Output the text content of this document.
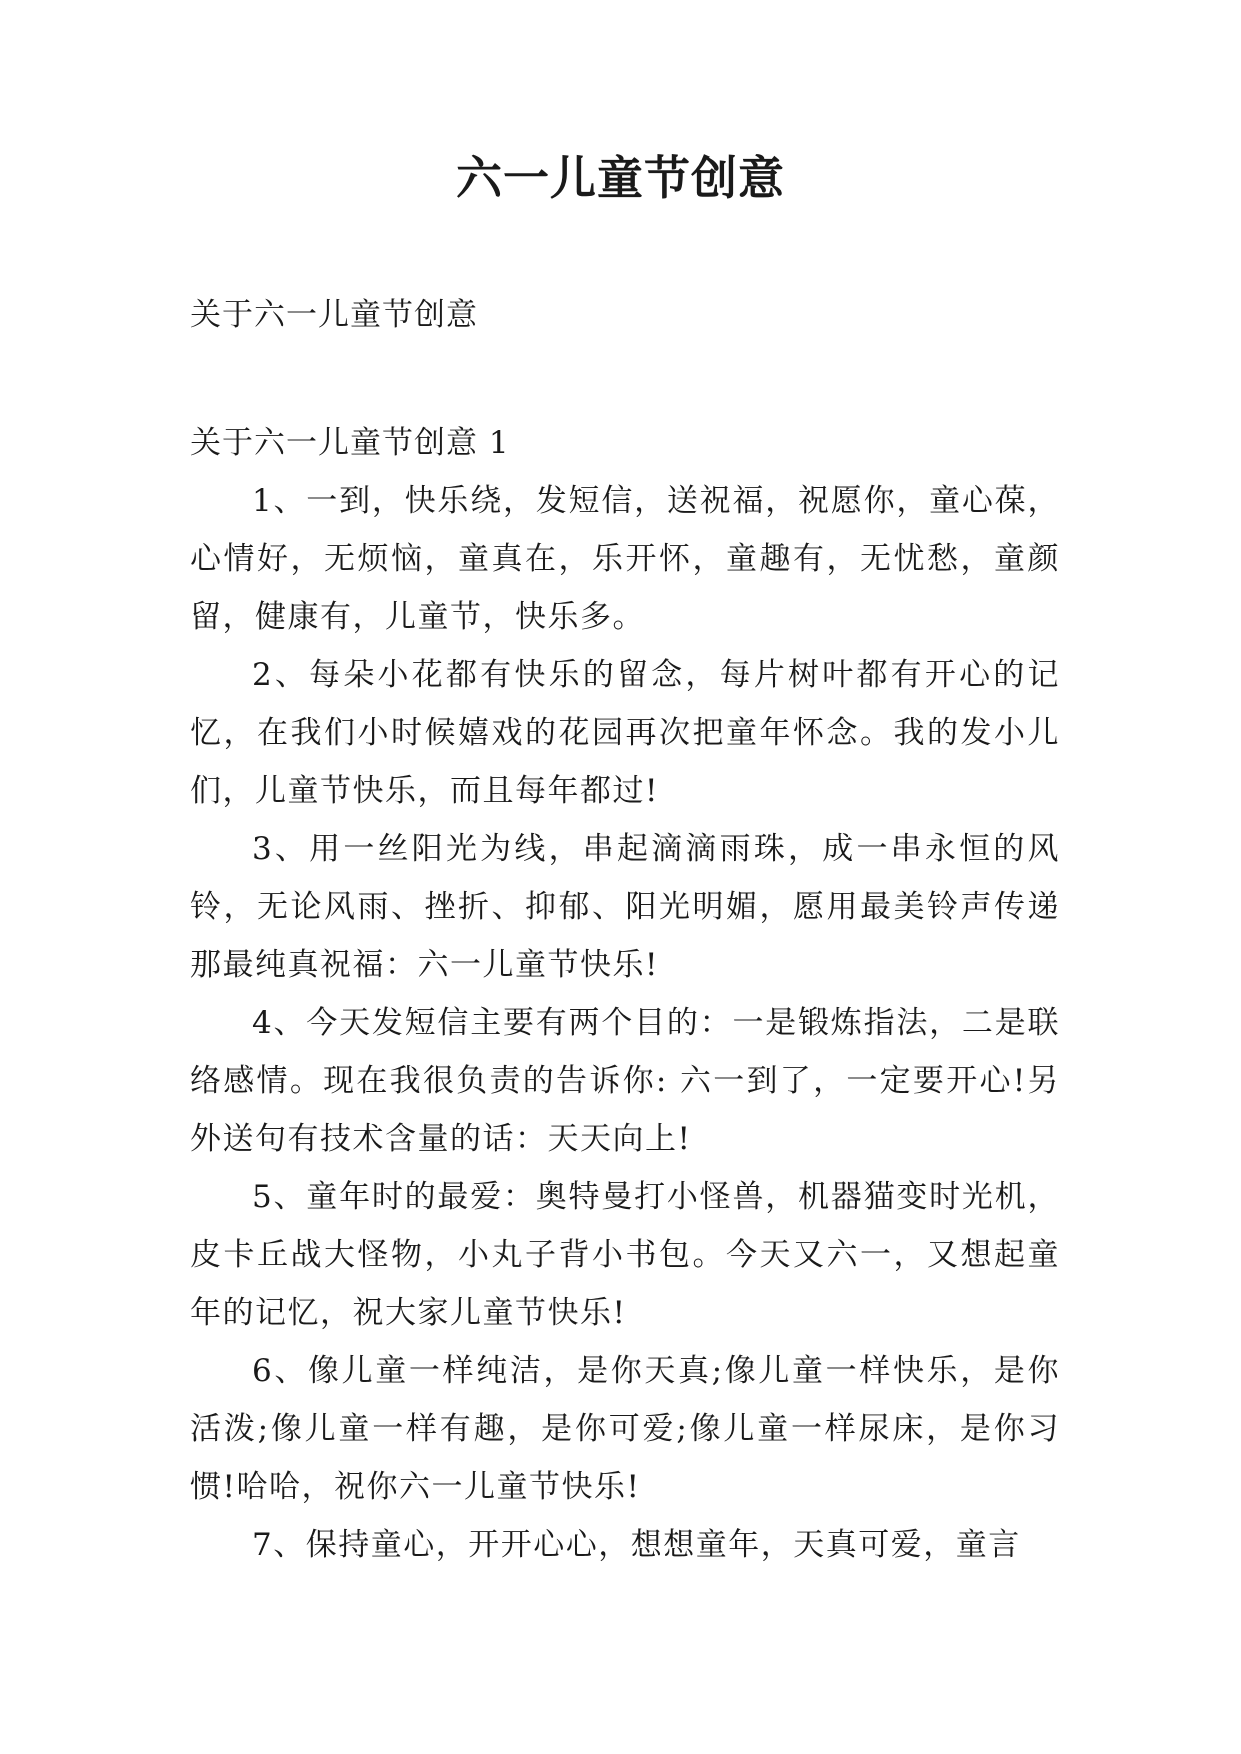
六一儿童节创意

关于六一儿童节创意

关于六一儿童节创意 1

1、一到，快乐绕，发短信，送祝福，祝愿你，童心葆，心情好，无烦恼，童真在，乐开怀，童趣有，无忧愁，童颜留，健康有，儿童节，快乐多。

2、每朵小花都有快乐的留念，每片树叶都有开心的记忆，在我们小时候嬉戏的花园再次把童年怀念。我的发小儿们，儿童节快乐，而且每年都过!

3、用一丝阳光为线，串起滴滴雨珠，成一串永恒的风铃，无论风雨、挫折、抑郁、阳光明媚，愿用最美铃声传递那最纯真祝福：六一儿童节快乐!

4、今天发短信主要有两个目的：一是锻炼指法，二是联络感情。现在我很负责的告诉你: 六一到了，一定要开心!另外送句有技术含量的话：天天向上!

5、童年时的最爱：奥特曼打小怪兽，机器猫变时光机，皮卡丘战大怪物，小丸子背小书包。今天又六一，又想起童年的记忆，祝大家儿童节快乐!

6、像儿童一样纯洁，是你天真;像儿童一样快乐，是你活泼;像儿童一样有趣，是你可爱;像儿童一样尿床，是你习惯!哈哈，祝你六一儿童节快乐!

7、保持童心，开开心心，想想童年，天真可爱，童言
